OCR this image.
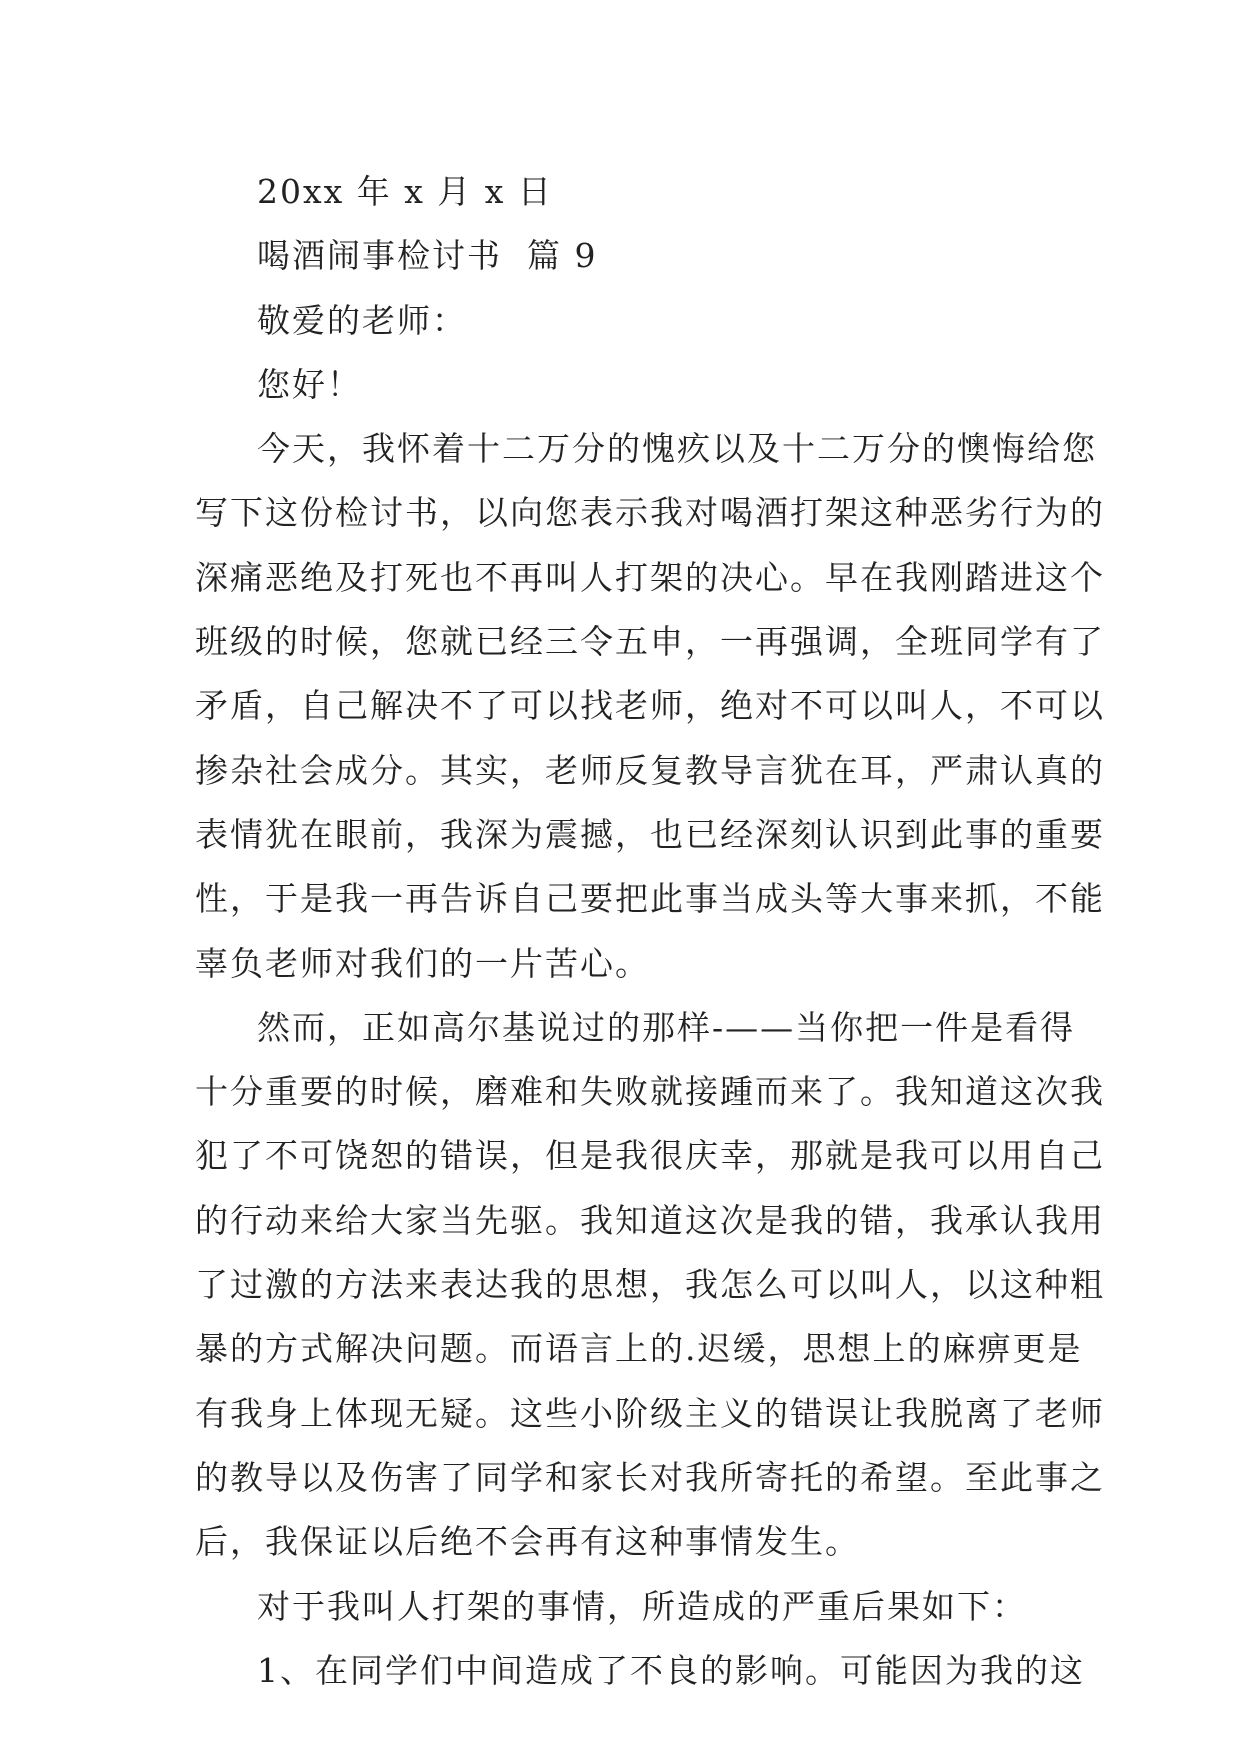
20xx 年 x 月 x 日
喝酒闹事检讨书  篇 9
敬爱的老师：
您好！
今天，我怀着十二万分的愧疚以及十二万分的懊悔给您
写下这份检讨书，以向您表示我对喝酒打架这种恶劣行为的
深痛恶绝及打死也不再叫人打架的决心。早在我刚踏进这个
班级的时候，您就已经三令五申，一再强调，全班同学有了
矛盾，自己解决不了可以找老师，绝对不可以叫人，不可以
掺杂社会成分。其实，老师反复教导言犹在耳，严肃认真的
表情犹在眼前，我深为震撼，也已经深刻认识到此事的重要
性，于是我一再告诉自己要把此事当成头等大事来抓，不能
辜负老师对我们的一片苦心。
然而，正如高尔基说过的那样-——当你把一件是看得
十分重要的时候，磨难和失败就接踵而来了。我知道这次我
犯了不可饶恕的错误，但是我很庆幸，那就是我可以用自己
的行动来给大家当先驱。我知道这次是我的错，我承认我用
了过激的方法来表达我的思想，我怎么可以叫人，以这种粗
暴的方式解决问题。而语言上的.迟缓，思想上的麻痹更是
有我身上体现无疑。这些小阶级主义的错误让我脱离了老师
的教导以及伤害了同学和家长对我所寄托的希望。至此事之
后，我保证以后绝不会再有这种事情发生。
对于我叫人打架的事情，所造成的严重后果如下：
1、在同学们中间造成了不良的影响。可能因为我的这
